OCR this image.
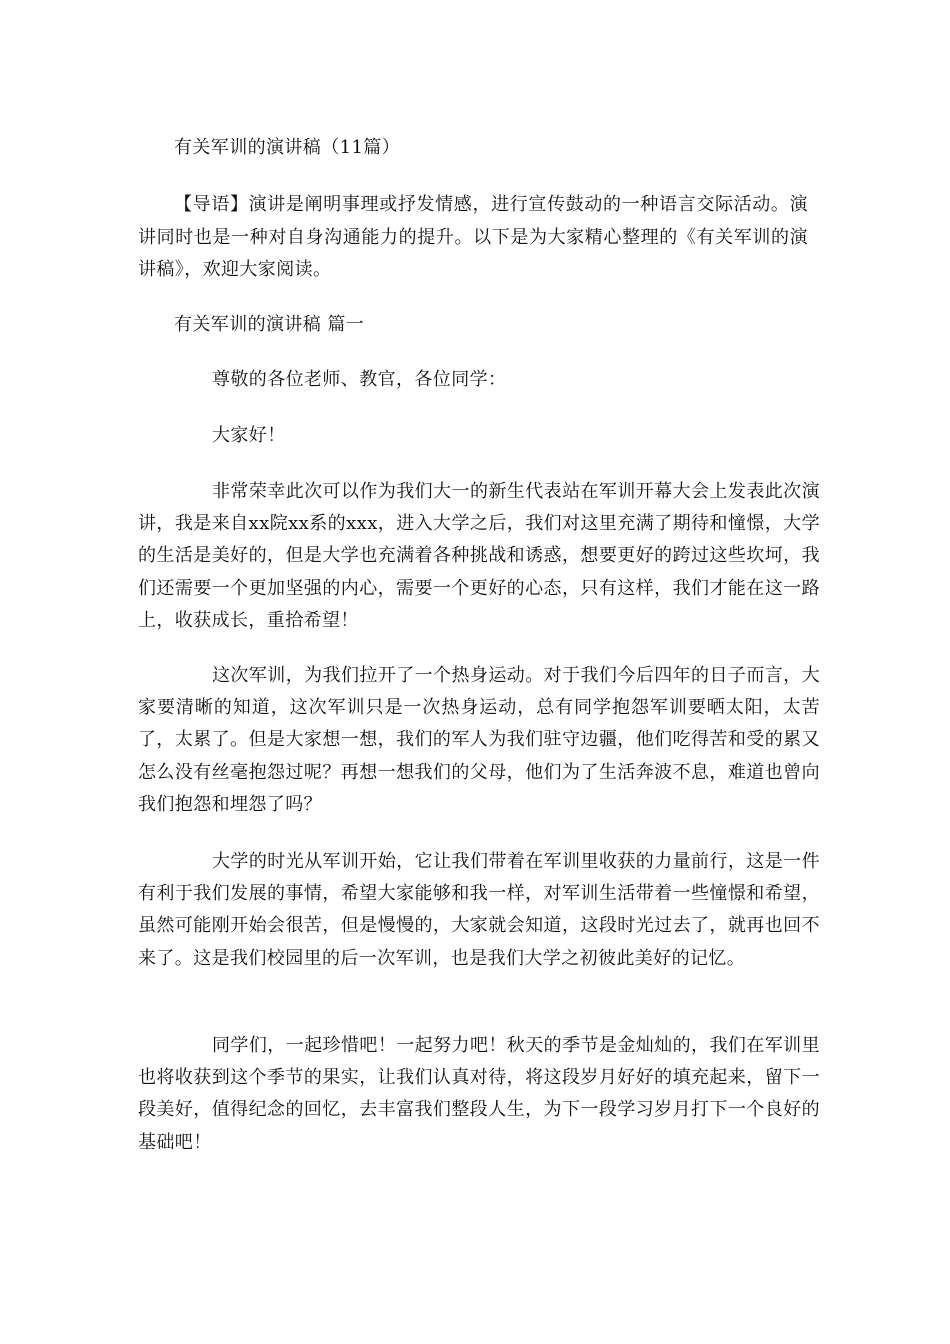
有关军训的演讲稿（11篇）
【导语】演讲是阐明事理或抒发情感，进行宣传鼓动的一种语言交际活动。演讲同时也是一种对自身沟通能力的提升。以下是为大家精心整理的《有关军训的演讲稿》，欢迎大家阅读。
有关军训的演讲稿 篇一
尊敬的各位老师、教官，各位同学：
大家好！
非常荣幸此次可以作为我们大一的新生代表站在军训开幕大会上发表此次演讲，我是来自xx院xx系的xxx，进入大学之后，我们对这里充满了期待和憧憬，大学的生活是美好的，但是大学也充满着各种挑战和诱惑，想要更好的跨过这些坎坷，我们还需要一个更加坚强的内心，需要一个更好的心态，只有这样，我们才能在这一路上，收获成长，重拾希望！
这次军训，为我们拉开了一个热身运动。对于我们今后四年的日子而言，大家要清晰的知道，这次军训只是一次热身运动，总有同学抱怨军训要晒太阳，太苦了，太累了。但是大家想一想，我们的军人为我们驻守边疆，他们吃得苦和受的累又怎么没有丝毫抱怨过呢？再想一想我们的父母，他们为了生活奔波不息，难道也曾向我们抱怨和埋怨了吗？
大学的时光从军训开始，它让我们带着在军训里收获的力量前行，这是一件有利于我们发展的事情，希望大家能够和我一样，对军训生活带着一些憧憬和希望，虽然可能刚开始会很苦，但是慢慢的，大家就会知道，这段时光过去了，就再也回不来了。这是我们校园里的后一次军训，也是我们大学之初彼此美好的记忆。
同学们，一起珍惜吧！一起努力吧！秋天的季节是金灿灿的，我们在军训里也将收获到这个季节的果实，让我们认真对待，将这段岁月好好的填充起来，留下一段美好，值得纪念的回忆，去丰富我们整段人生，为下一段学习岁月打下一个良好的基础吧！
